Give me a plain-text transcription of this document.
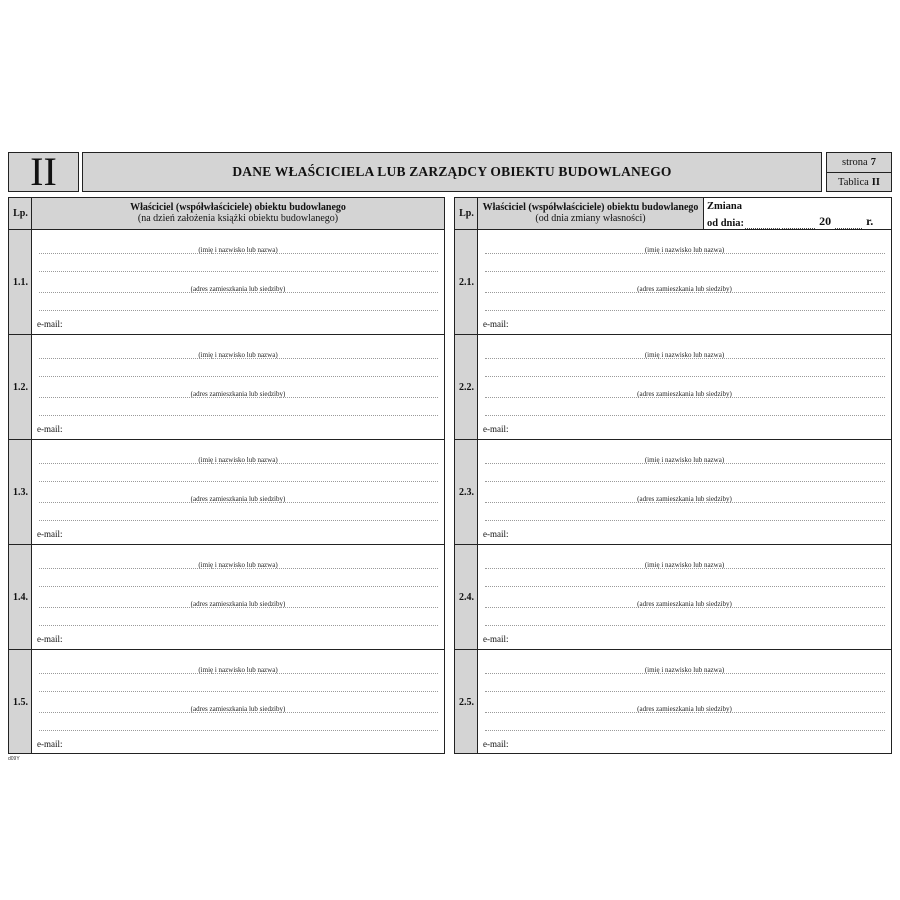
II	DANE WŁAŚCICIELA LUB ZARZĄDCY OBIEKTU BUDOWLANEGO
strona 7
Tablica II
Lp.
Właściciel (współwłaściciele) obiektu budowlanego
(na dzień założenia książki obiektu budowlanego)
1.1.
(imię i nazwisko lub nazwa)
(adres zamieszkania lub siedziby)
e-mail:
1.2.
(imię i nazwisko lub nazwa)
(adres zamieszkania lub siedziby)
e-mail:
1.3.
(imię i nazwisko lub nazwa)
(adres zamieszkania lub siedziby)
e-mail:
1.4.
(imię i nazwisko lub nazwa)
(adres zamieszkania lub siedziby)
e-mail:
1.5.
(imię i nazwisko lub nazwa)
(adres zamieszkania lub siedziby)
e-mail:
Lp.
Właściciel (współwłaściciele) obiektu budowlanego
(od dnia zmiany własności)
Zmiana
od dnia:	20	r.
2.1.
(imię i nazwisko lub nazwa)
(adres zamieszkania lub siedziby)
e-mail:
2.2.
(imię i nazwisko lub nazwa)
(adres zamieszkania lub siedziby)
e-mail:
2.3.
(imię i nazwisko lub nazwa)
(adres zamieszkania lub siedziby)
e-mail:
2.4.
(imię i nazwisko lub nazwa)
(adres zamieszkania lub siedziby)
e-mail:
2.5.
(imię i nazwisko lub nazwa)
(adres zamieszkania lub siedziby)
e-mail:
d09Y
